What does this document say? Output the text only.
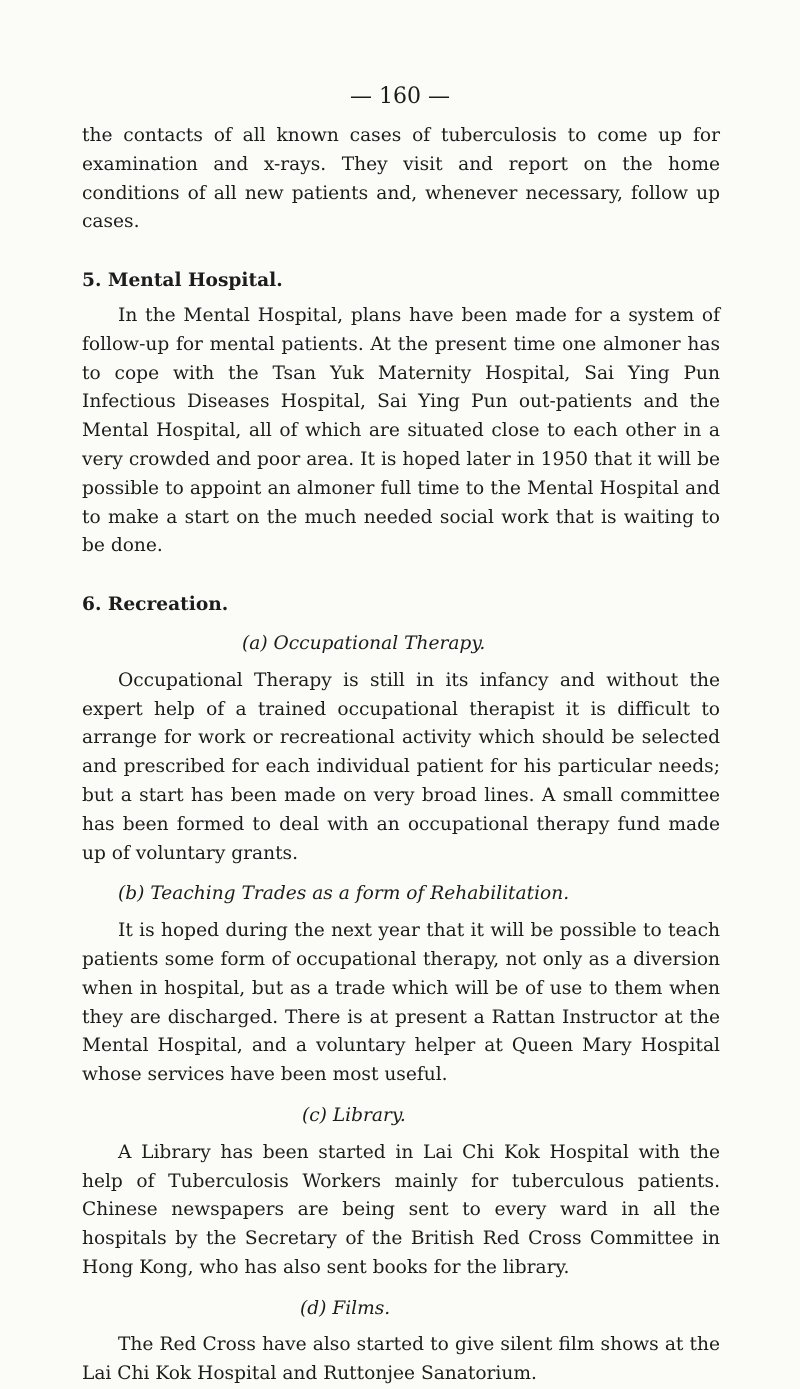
— 160 —

the contacts of all known cases of tuberculosis to come up for examination and x-rays. They visit and report on the home conditions of all new patients and, whenever necessary, follow up cases.

5. Mental Hospital.

In the Mental Hospital, plans have been made for a system of follow-up for mental patients. At the present time one almoner has to cope with the Tsan Yuk Maternity Hospital, Sai Ying Pun Infectious Diseases Hospital, Sai Ying Pun out-patients and the Mental Hospital, all of which are situated close to each other in a very crowded and poor area. It is hoped later in 1950 that it will be possible to appoint an almoner full time to the Mental Hospital and to make a start on the much needed social work that is waiting to be done.

6. Recreation.
(a) Occupational Therapy.

Occupational Therapy is still in its infancy and without the expert help of a trained occupational therapist it is difficult to arrange for work or recreational activity which should be selected and prescribed for each individual patient for his particular needs; but a start has been made on very broad lines. A small committee has been formed to deal with an occupational therapy fund made up of voluntary grants.

(b) Teaching Trades as a form of Rehabilitation.

It is hoped during the next year that it will be possible to teach patients some form of occupational therapy, not only as a diversion when in hospital, but as a trade which will be of use to them when they are discharged. There is at present a Rattan Instructor at the Mental Hospital, and a voluntary helper at Queen Mary Hospital whose services have been most useful.

(c) Library.

A Library has been started in Lai Chi Kok Hospital with the help of Tuberculosis Workers mainly for tuberculous patients. Chinese newspapers are being sent to every ward in all the hospitals by the Secretary of the British Red Cross Committee in Hong Kong, who has also sent books for the library.

(d) Films.

The Red Cross have also started to give silent film shows at the Lai Chi Kok Hospital and Ruttonjee Sanatorium.
